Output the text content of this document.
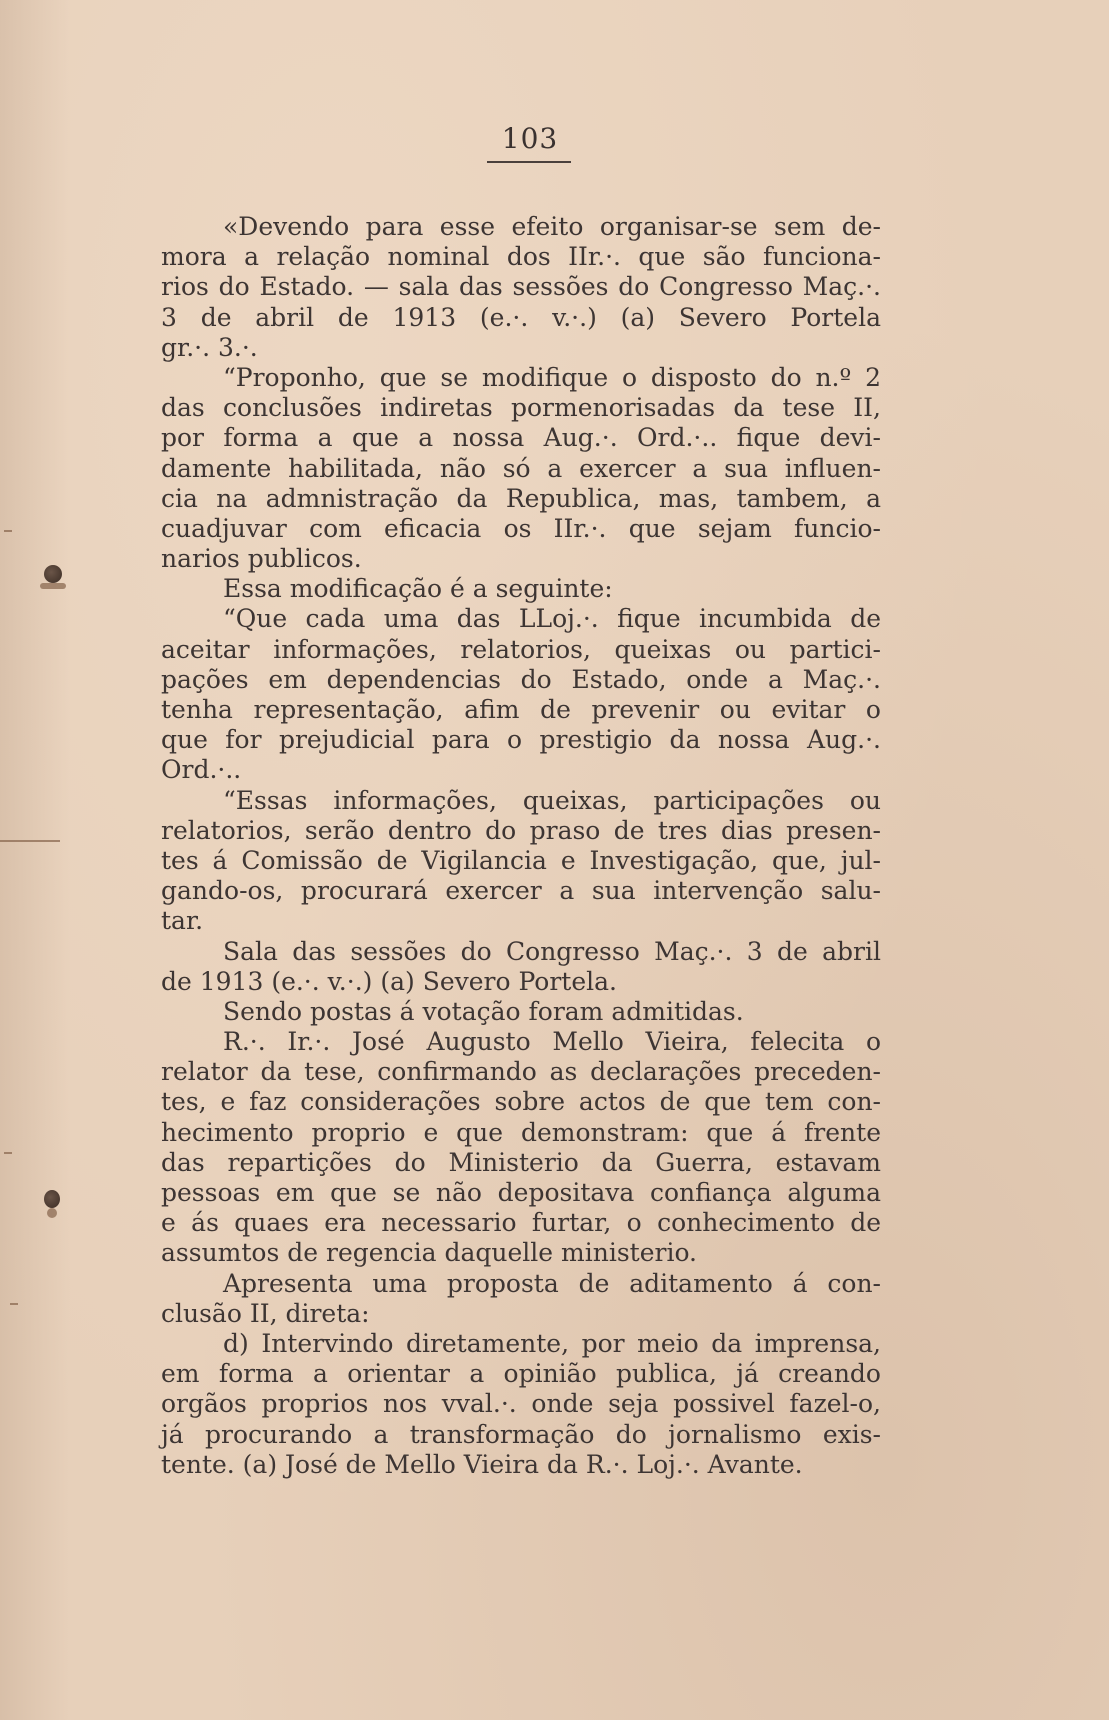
103
«Devendo para esse efeito organisar-se sem de-
mora a relação nominal dos IIr.·. que são funciona-
rios do Estado. — sala das sessões do Congresso Maç.·.
3 de abril de 1913 (e.·. v.·.) (a) Severo Portela
gr.·. 3.·.
“Proponho, que se modifique o disposto do n.º 2
das conclusões indiretas pormenorisadas da tese II,
por forma a que a nossa Aug.·. Ord.·.. fique devi-
damente habilitada, não só a exercer a sua influen-
cia na admnistração da Republica, mas, tambem, a
cuadjuvar com eficacia os IIr.·. que sejam funcio-
narios publicos.
Essa modificação é a seguinte:
“Que cada uma das LLoj.·. fique incumbida de
aceitar informações, relatorios, queixas ou partici-
pações em dependencias do Estado, onde a Maç.·.
tenha representação, afim de prevenir ou evitar o
que for prejudicial para o prestigio da nossa Aug.·.
Ord.·..
“Essas informações, queixas, participações ou
relatorios, serão dentro do praso de tres dias presen-
tes á Comissão de Vigilancia e Investigação, que, jul-
gando-os, procurará exercer a sua intervenção salu-
tar.
Sala das sessões do Congresso Maç.·. 3 de abril
de 1913 (e.·. v.·.) (a) Severo Portela.
Sendo postas á votação foram admitidas.
R.·. Ir.·. José Augusto Mello Vieira, felecita o
relator da tese, confirmando as declarações preceden-
tes, e faz considerações sobre actos de que tem con-
hecimento proprio e que demonstram: que á frente
das repartições do Ministerio da Guerra, estavam
pessoas em que se não depositava confiança alguma
e ás quaes era necessario furtar, o conhecimento de
assumtos de regencia daquelle ministerio.
Apresenta uma proposta de aditamento á con-
clusão II, direta:
d) Intervindo diretamente, por meio da imprensa,
em forma a orientar a opinião publica, já creando
orgãos proprios nos vval.·. onde seja possivel fazel-o,
já procurando a transformação do jornalismo exis-
tente. (a) José de Mello Vieira da R.·. Loj.·. Avante.
